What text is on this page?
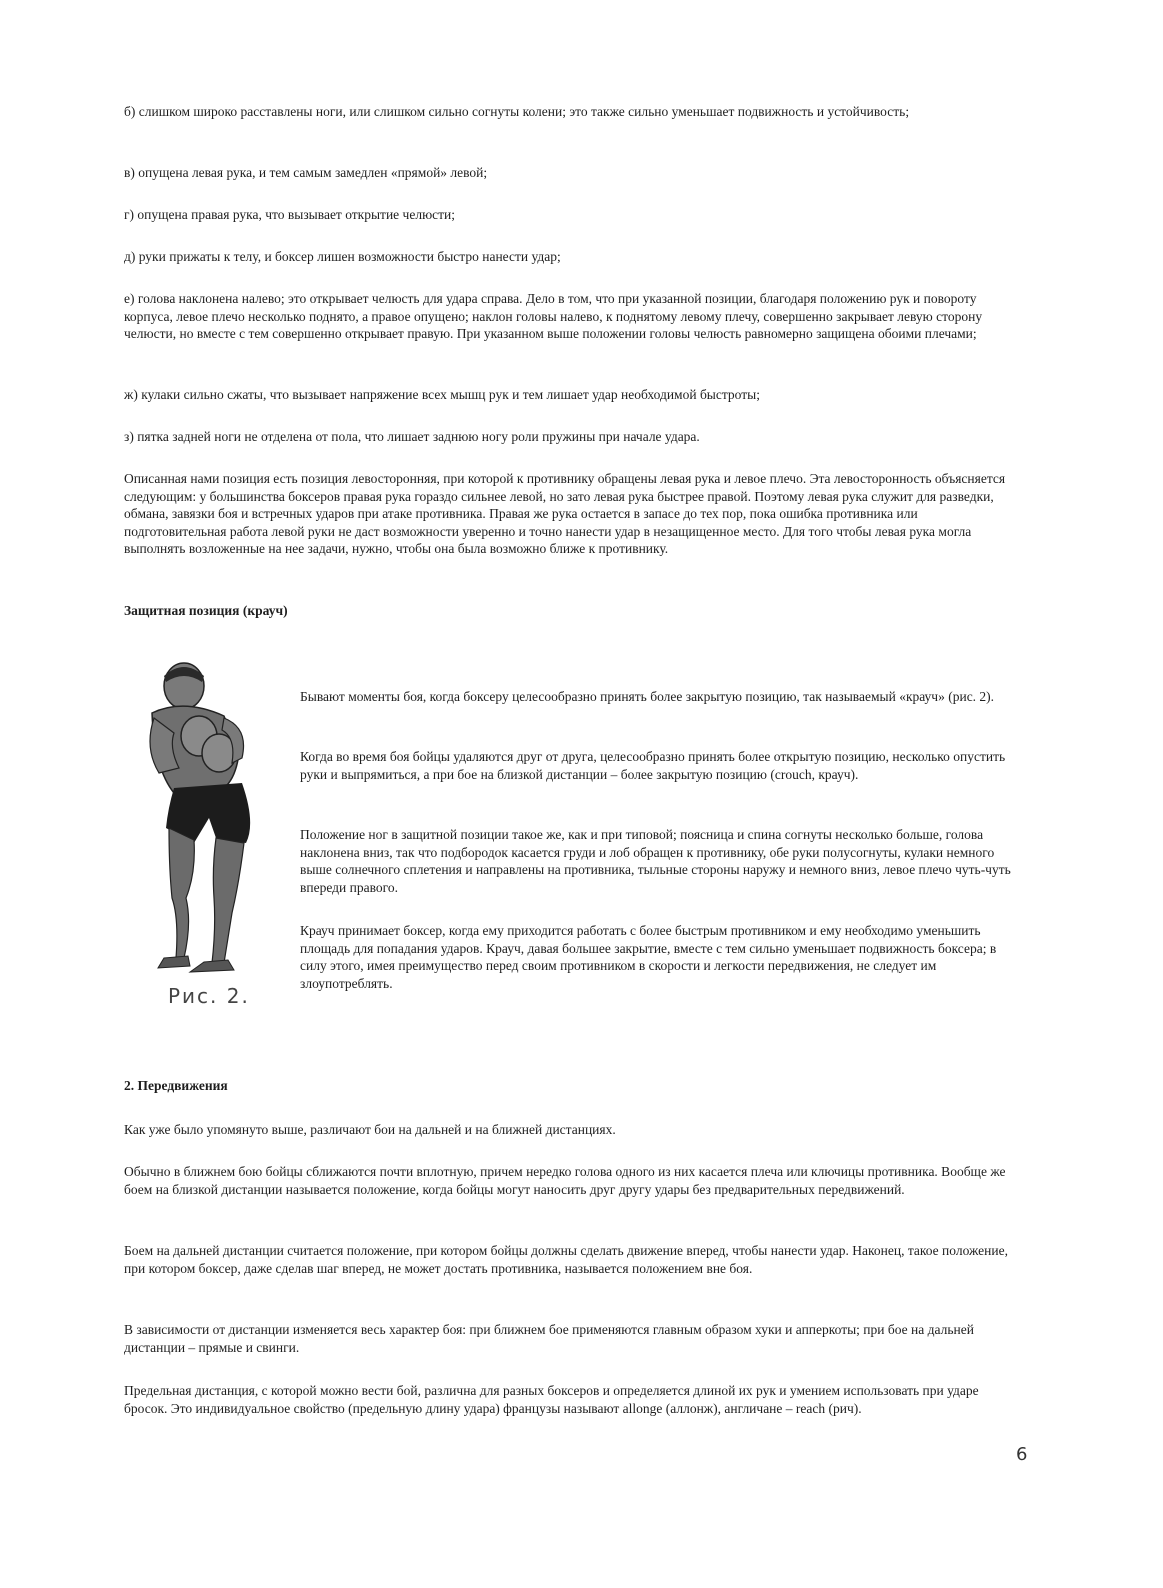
б) слишком широко расставлены ноги, или слишком сильно согнуты колени; это также сильно уменьшает подвижность и устойчивость;

в) опущена левая рука, и тем самым замедлен «прямой» левой;

г) опущена правая рука, что вызывает открытие челюсти;

д) руки прижаты к телу, и боксер лишен возможности быстро нанести удар;

е) голова наклонена налево; это открывает челюсть для удара справа. Дело в том, что при указанной позиции, благодаря положению рук и повороту корпуса, левое плечо несколько поднято, а правое опущено; наклон головы налево, к поднятому левому плечу, совершенно закрывает левую сторону челюсти, но вместе с тем совершенно открывает правую. При указанном выше положении головы челюсть равномерно защищена обоими плечами;

ж) кулаки сильно сжаты, что вызывает напряжение всех мышц рук и тем лишает удар необходимой быстроты;

з) пятка задней ноги не отделена от пола, что лишает заднюю ногу роли пружины при начале удара.

Описанная нами позиция есть позиция левосторонняя, при которой к противнику обращены левая рука и левое плечо. Эта левосторонность объясняется следующим: у большинства боксеров правая рука гораздо сильнее левой, но зато левая рука быстрее правой. Поэтому левая рука служит для разведки, обмана, завязки боя и встречных ударов при атаке противника. Правая же рука остается в запасе до тех пор, пока ошибка противника или подготовительная работа левой руки не даст возможности уверенно и точно нанести удар в незащищенное место. Для того чтобы левая рука могла выполнять возложенные на нее задачи, нужно, чтобы она была возможно ближе к противнику.

Защитная позиция (крауч)
Рис. 2.

Бывают моменты боя, когда боксеру целесообразно принять более закрытую позицию, так называемый «крауч» (рис. 2).

Когда во время боя бойцы удаляются друг от друга, целесообразно принять более открытую позицию, несколько опустить руки и выпрямиться, а при бое на близкой дистанции – более закрытую позицию (crouch, крауч).

Положение ног в защитной позиции такое же, как и при типовой; поясница и спина согнуты несколько больше, голова наклонена вниз, так что подбородок касается груди и лоб обращен к противнику, обе руки полусогнуты, кулаки немного выше солнечного сплетения и направлены на противника, тыльные стороны наружу и немного вниз, левое плечо чуть-чуть впереди правого.

Крауч принимает боксер, когда ему приходится работать с более быстрым противником и ему необходимо уменьшить площадь для попадания ударов. Крауч, давая большее закрытие, вместе с тем сильно уменьшает подвижность боксера; в силу этого, имея преимущество перед своим противником в скорости и легкости передвижения, не следует им злоупотреблять.

2. Передвижения

Как уже было упомянуто выше, различают бои на дальней и на ближней дистанциях.

Обычно в ближнем бою бойцы сближаются почти вплотную, причем нередко голова одного из них касается плеча или ключицы противника. Вообще же боем на близкой дистанции называется положение, когда бойцы могут наносить друг другу удары без предварительных передвижений.

Боем на дальней дистанции считается положение, при котором бойцы должны сделать движение вперед, чтобы нанести удар. Наконец, такое положение, при котором боксер, даже сделав шаг вперед, не может достать противника, называется положением вне боя.

В зависимости от дистанции изменяется весь характер боя: при ближнем бое применяются главным образом хуки и апперкоты; при бое на дальней дистанции – прямые и свинги.

Предельная дистанция, с которой можно вести бой, различна для разных боксеров и определяется длиной их рук и умением использовать при ударе бросок. Это индивидуальное свойство (предельную длину удара) французы называют allonge (аллонж), англичане – reach (рич).

6
